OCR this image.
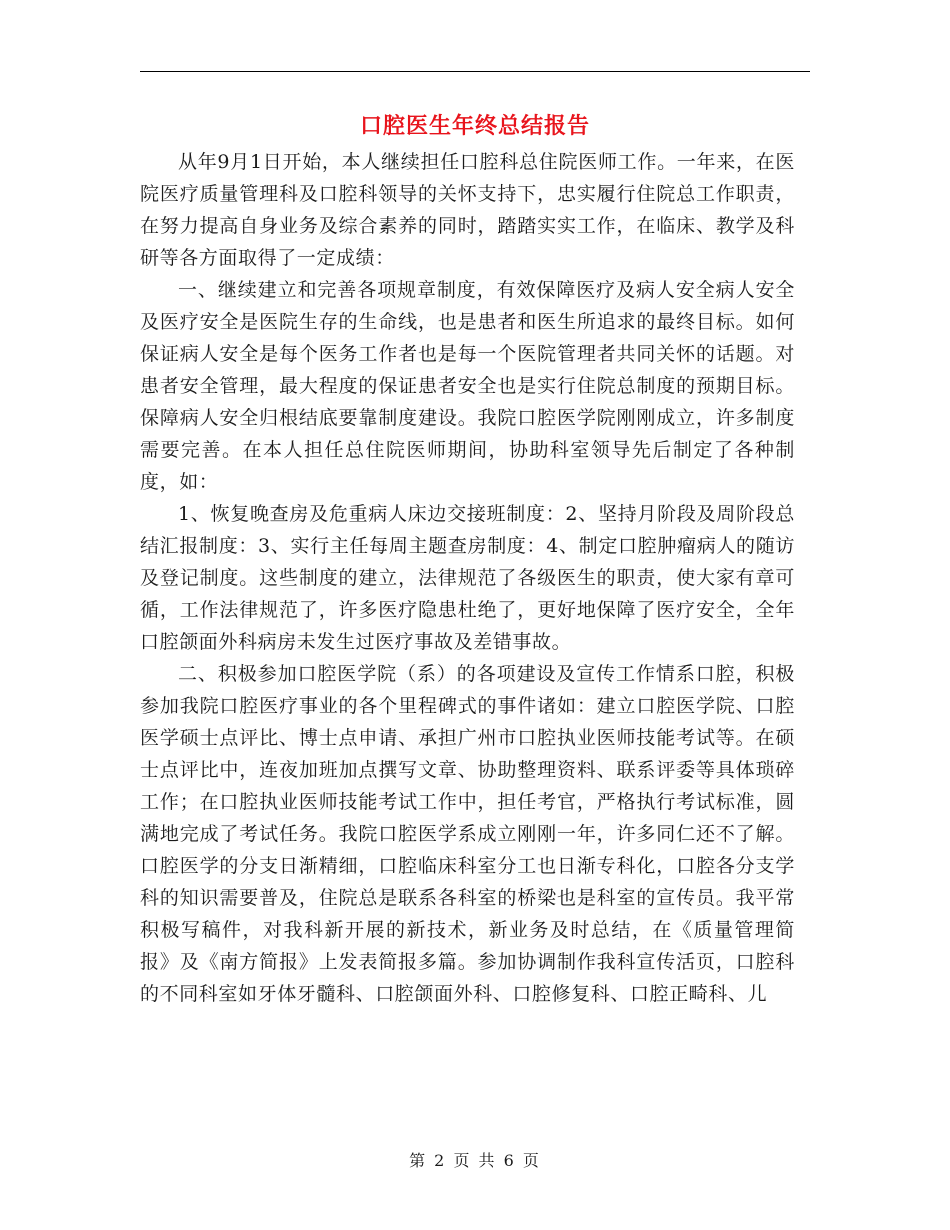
口腔医生年终总结报告

从年9月1日开始，本人继续担任口腔科总住院医师工作。一年来，在医院医疗质量管理科及口腔科领导的关怀支持下，忠实履行住院总工作职责，在努力提高自身业务及综合素养的同时，踏踏实实工作，在临床、教学及科研等各方面取得了一定成绩：

一、继续建立和完善各项规章制度，有效保障医疗及病人安全病人安全及医疗安全是医院生存的生命线，也是患者和医生所追求的最终目标。如何保证病人安全是每个医务工作者也是每一个医院管理者共同关怀的话题。对患者安全管理，最大程度的保证患者安全也是实行住院总制度的预期目标。保障病人安全归根结底要靠制度建设。我院口腔医学院刚刚成立，许多制度需要完善。在本人担任总住院医师期间，协助科室领导先后制定了各种制度，如：

1、恢复晚查房及危重病人床边交接班制度：2、坚持月阶段及周阶段总结汇报制度：3、实行主任每周主题查房制度：4、制定口腔肿瘤病人的随访及登记制度。这些制度的建立，法律规范了各级医生的职责，使大家有章可循，工作法律规范了，许多医疗隐患杜绝了，更好地保障了医疗安全，全年口腔颌面外科病房未发生过医疗事故及差错事故。

二、积极参加口腔医学院（系）的各项建设及宣传工作情系口腔，积极参加我院口腔医疗事业的各个里程碑式的事件诸如：建立口腔医学院、口腔医学硕士点评比、博士点申请、承担广州市口腔执业医师技能考试等。在硕士点评比中，连夜加班加点撰写文章、协助整理资料、联系评委等具体琐碎工作；在口腔执业医师技能考试工作中，担任考官，严格执行考试标准，圆满地完成了考试任务。我院口腔医学系成立刚刚一年，许多同仁还不了解。口腔医学的分支日渐精细，口腔临床科室分工也日渐专科化，口腔各分支学科的知识需要普及，住院总是联系各科室的桥梁也是科室的宣传员。我平常积极写稿件，对我科新开展的新技术，新业务及时总结，在《质量管理简报》及《南方简报》上发表简报多篇。参加协调制作我科宣传活页，口腔科的不同科室如牙体牙髓科、口腔颌面外科、口腔修复科、口腔正畸科、儿

第 2 页 共 6 页
